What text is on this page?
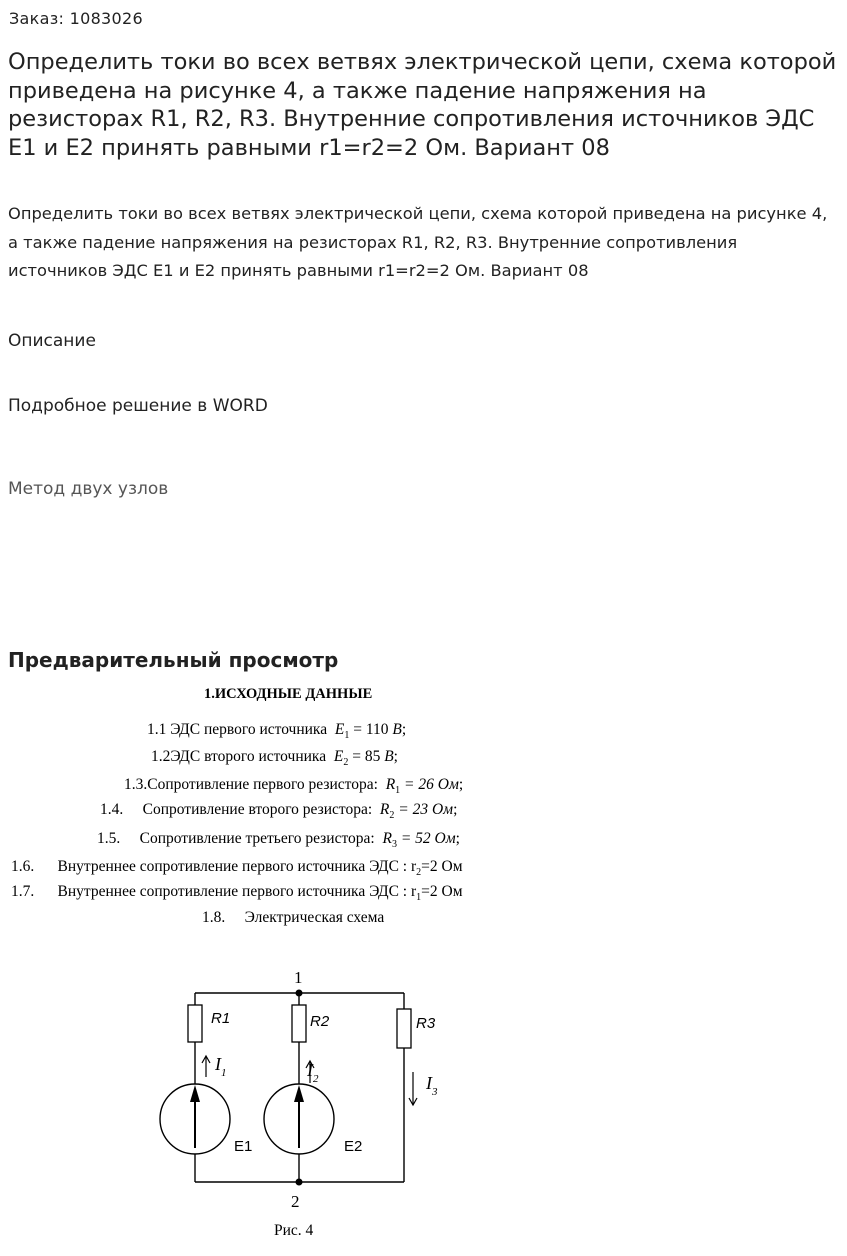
Заказ: 1083026
Определить токи во всех ветвях электрической цепи, схема которой приведена на рисунке 4, а также падение напряжения на резисторах R1, R2, R3. Внутренние сопротивления источников ЭДС Е1 и Е2 принять равными r1=r2=2 Ом. Вариант 08

Определить токи во всех ветвях электрической цепи, схема которой приведена на рисунке 4, а также падение напряжения на резисторах R1, R2, R3. Внутренние сопротивления источников ЭДС Е1 и Е2 принять равными r1=r2=2 Ом. Вариант 08

Описание
Подробное решение в WORD
Метод двух узлов
Предварительный просмотр
1.ИСХОДНЫЕ ДАННЫЕ
1.1 ЭДС первого источника $E_1 = 110$ В;
1.2ЭДС второго источника $E_2 = 85$ В;
1.3.Сопротивление первого резистора: $R_1 = 26$ Ом;
1.4. Сопротивление второго резистора: $R_2 = 23$ Ом;
1.5. Сопротивление третьего резистора: $R_3 = 52$ Ом;
1.6. Внутреннее сопротивление первого источника ЭДС : $r_2=2$ Ом
1.7. Внутреннее сопротивление первого источника ЭДС : $r_1=2$ Ом
1.8. Электрическая схема
1
2
R1	R2	R3
E1	E2
$I_1$	$I_2$	$I_3$
Рис. 4
